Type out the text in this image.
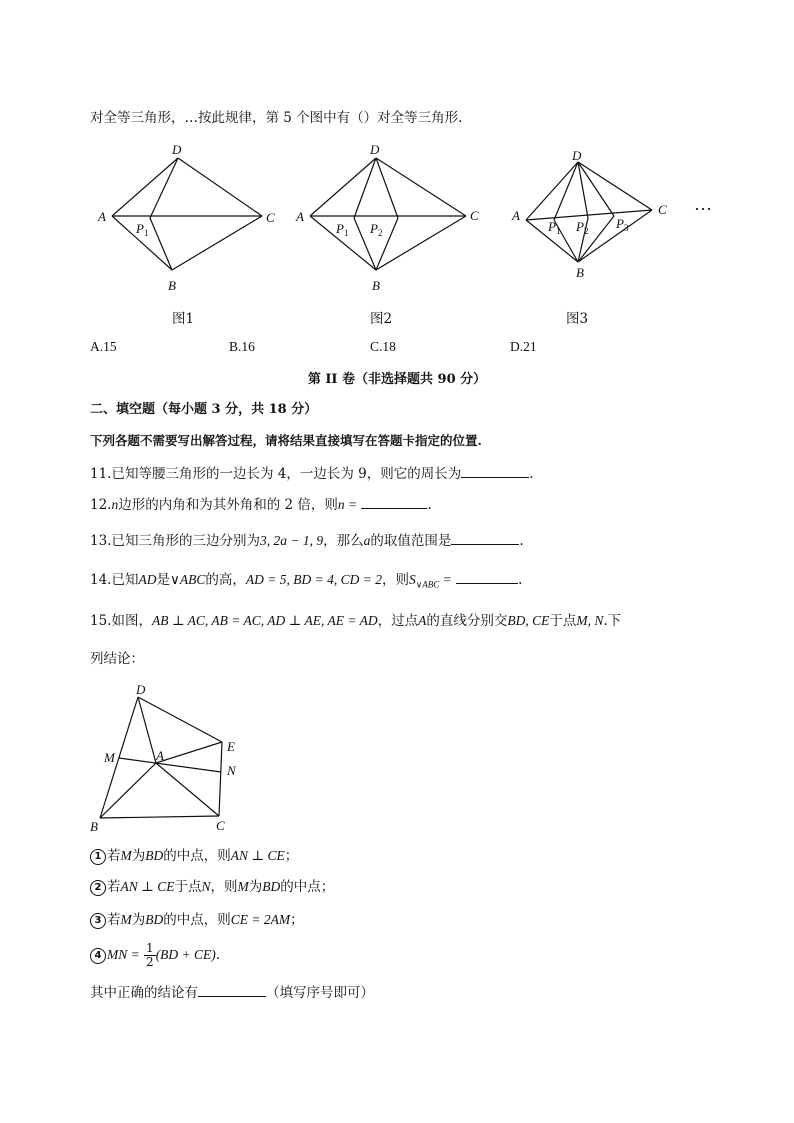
对全等三角形，…按此规律，第 5 个图中有（）对全等三角形.
A
D
C
B
$P_1$
A
D
C
B
$P_1$ $P_2$
A
D
C
B
$P_1$ $P_2$ $P_3$
…
图1	图2	图3
A.15	B.16	C.18	D.21
第 II 卷（非选择题共 90 分）
二、填空题（每小题 3 分，共 18 分）
下列各题不需要写出解答过程，请将结果直接填写在答题卡指定的位置.
11.已知等腰三角形的一边长为 4，一边长为 9，则它的周长为	.
12.n边形的内角和为其外角和的 2 倍，则n =	.
13.已知三角形的三边分别为3, 2a − 1, 9，那么a的取值范围是	.
14.已知AD是∨ABC的高，AD = 5, BD = 4, CD = 2，则$S_{\vee ABC}$ =	.
15.如图，AB ⊥ AC, AB = AC, AD ⊥ AE, AE = AD，过点A的直线分别交BD, CE于点M, N.下
列结论：
D
E
M	A
N
B	C
1 若M为BD的中点，则AN ⊥ CE；
2 若AN ⊥ CE于点N，则M为BD的中点；
3 若M为BD的中点，则CE = 2AM；
4 MN = $\frac{1}{2} (BD + CE)$.
其中正确的结论有	（填写序号即可）
